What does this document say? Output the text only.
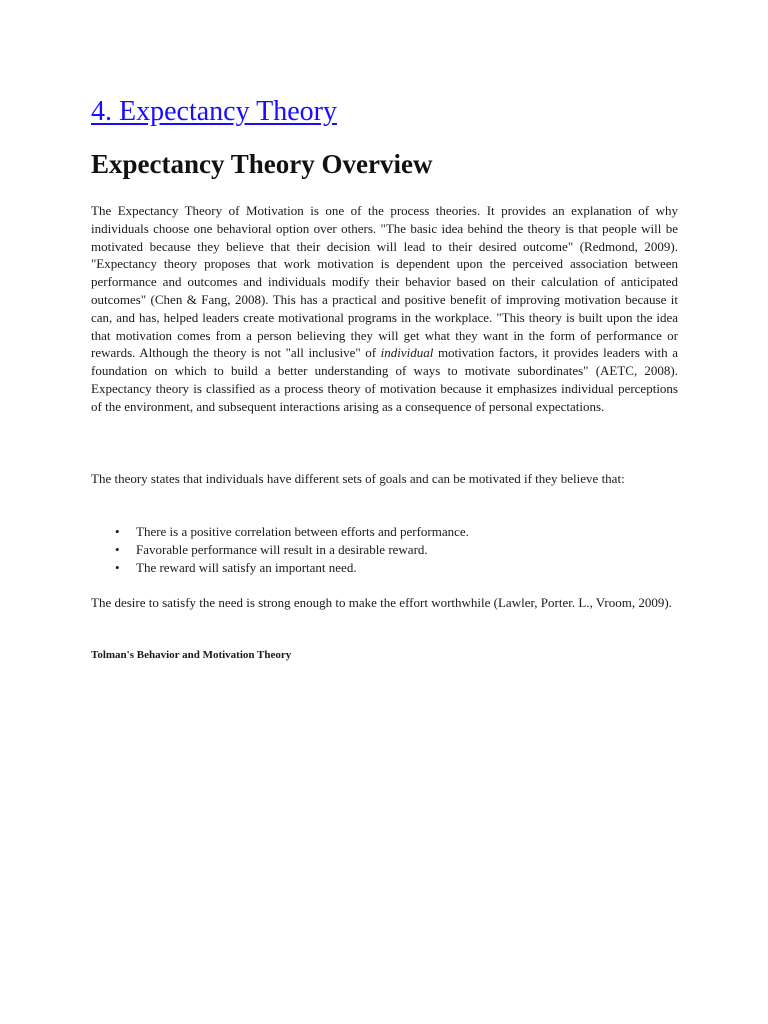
4. Expectancy Theory
Expectancy Theory Overview

The Expectancy Theory of Motivation is one of the process theories. It provides an explanation of why individuals choose one behavioral option over others. "The basic idea behind the theory is that people will be motivated because they believe that their decision will lead to their desired outcome" (Redmond, 2009). "Expectancy theory proposes that work motivation is dependent upon the perceived association between performance and outcomes and individuals modify their behavior based on their calculation of anticipated outcomes" (Chen & Fang, 2008). This has a practical and positive benefit of improving motivation because it can, and has, helped leaders create motivational programs in the workplace. "This theory is built upon the idea that motivation comes from a person believing they will get what they want in the form of performance or rewards. Although the theory is not "all inclusive" of individual motivation factors, it provides leaders with a foundation on which to build a better understanding of ways to motivate subordinates" (AETC, 2008). Expectancy theory is classified as a process theory of motivation because it emphasizes individual perceptions of the environment, and subsequent interactions arising as a consequence of personal expectations.

The theory states that individuals have different sets of goals and can be motivated if they believe that:

• There is a positive correlation between efforts and performance.
• Favorable performance will result in a desirable reward.
• The reward will satisfy an important need.

The desire to satisfy the need is strong enough to make the effort worthwhile (Lawler, Porter. L., Vroom, 2009).

Tolman's Behavior and Motivation Theory
